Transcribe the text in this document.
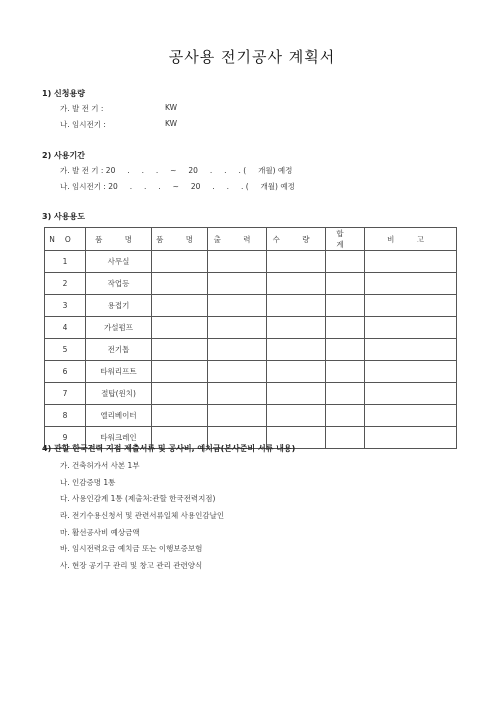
공사용 전기공사 계획서
1) 신청용량
가. 발 전 기 :	KW
나. 임시전기 :	KW
2) 사용기간
가. 발 전 기 : 20     .     .     .     ~     20     .     .     . (     개월) 예정
나. 임시전기 : 20     .     .     .     ~     20     .     .     . (     개월) 예정
3) 사용용도
NO	품 명	품 명	출 력	수 량	합 계	비 고
1	사무실					
2	작업등					
3	용접기					
4	가설펌프					
5	전기톱					
6	타워리프트					
7	절탑(윈치)					
8	엘리베이터					
9	타워크레인					
4) 관할 한국전력 지점 제출서류 및 공사비, 예치금(본사준비 서류 내용)
가. 건축허가서 사본 1부
나. 인감증명 1통
다. 사용인감계 1통 (제출처:관할 한국전력지점)
라. 전기수용신청서 및 관련서류일체 사용인감날인
마. 활선공사비 예상금액
바. 임시전력요금 예치금 또는 이행보증보험
사. 현장 공기구 관리 및 창고 관리 관련양식
